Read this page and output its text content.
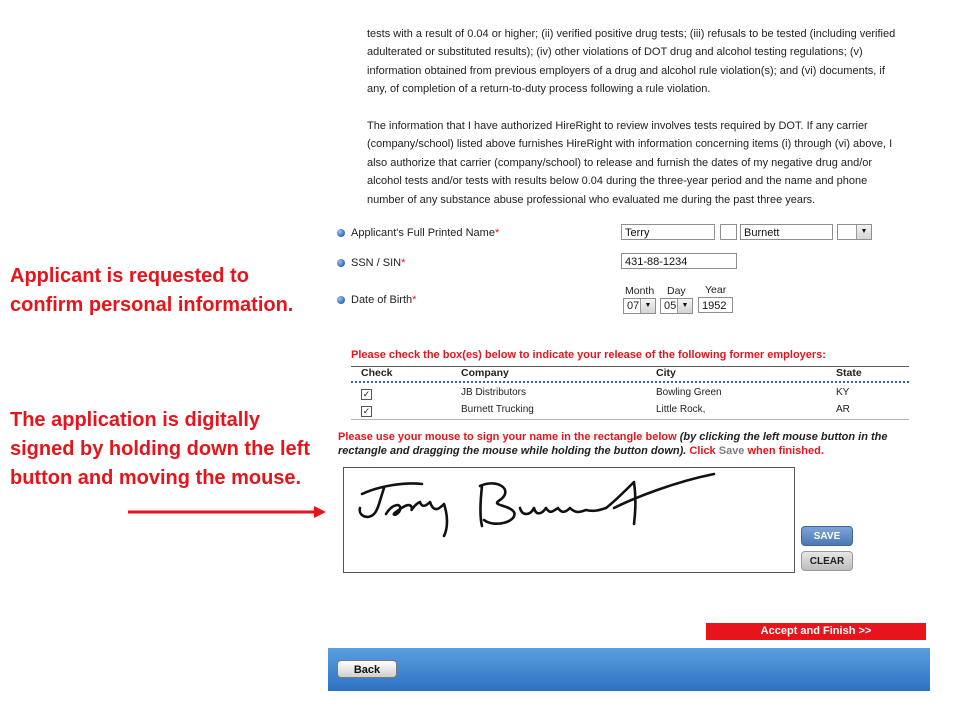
Applicant is requested to confirm personal information.
The application is digitally signed by holding down the left button and moving the mouse.
tests with a result of 0.04 or higher; (ii) verified positive drug tests; (iii) refusals to be tested (including verified adulterated or substituted results); (iv) other violations of DOT drug and alcohol testing regulations; (v) information obtained from previous employers of a drug and alcohol rule violation(s); and (vi) documents, if any, of completion of a return-to-duty process following a rule violation.
The information that I have authorized HireRight to review involves tests required by DOT. If any carrier (company/school) listed above furnishes HireRight with information concerning items (i) through (vi) above, I also authorize that carrier (company/school) to release and furnish the dates of my negative drug and/or alcohol tests and/or tests with results below 0.04 during the three-year period and the name and phone number of any substance abuse professional who evaluated me during the past three years.
Applicant's Full Printed Name *	Terry	Burnett	▼
SSN / SIN *	431-88-1234
Date of Birth *
Month Day Year
07 ▼	05 ▼	1952
Please check the box(es) below to indicate your release of the following former employers:
Check	Company	City	State
✓	JB Distributors	Bowling Green	KY
✓	Burnett Trucking	Little Rock,	AR
Please use your mouse to sign your name in the rectangle below (by clicking the left mouse button in the rectangle and dragging the mouse while holding the button down). Click Save when finished.
SAVE
CLEAR
Accept and Finish >>
Back
